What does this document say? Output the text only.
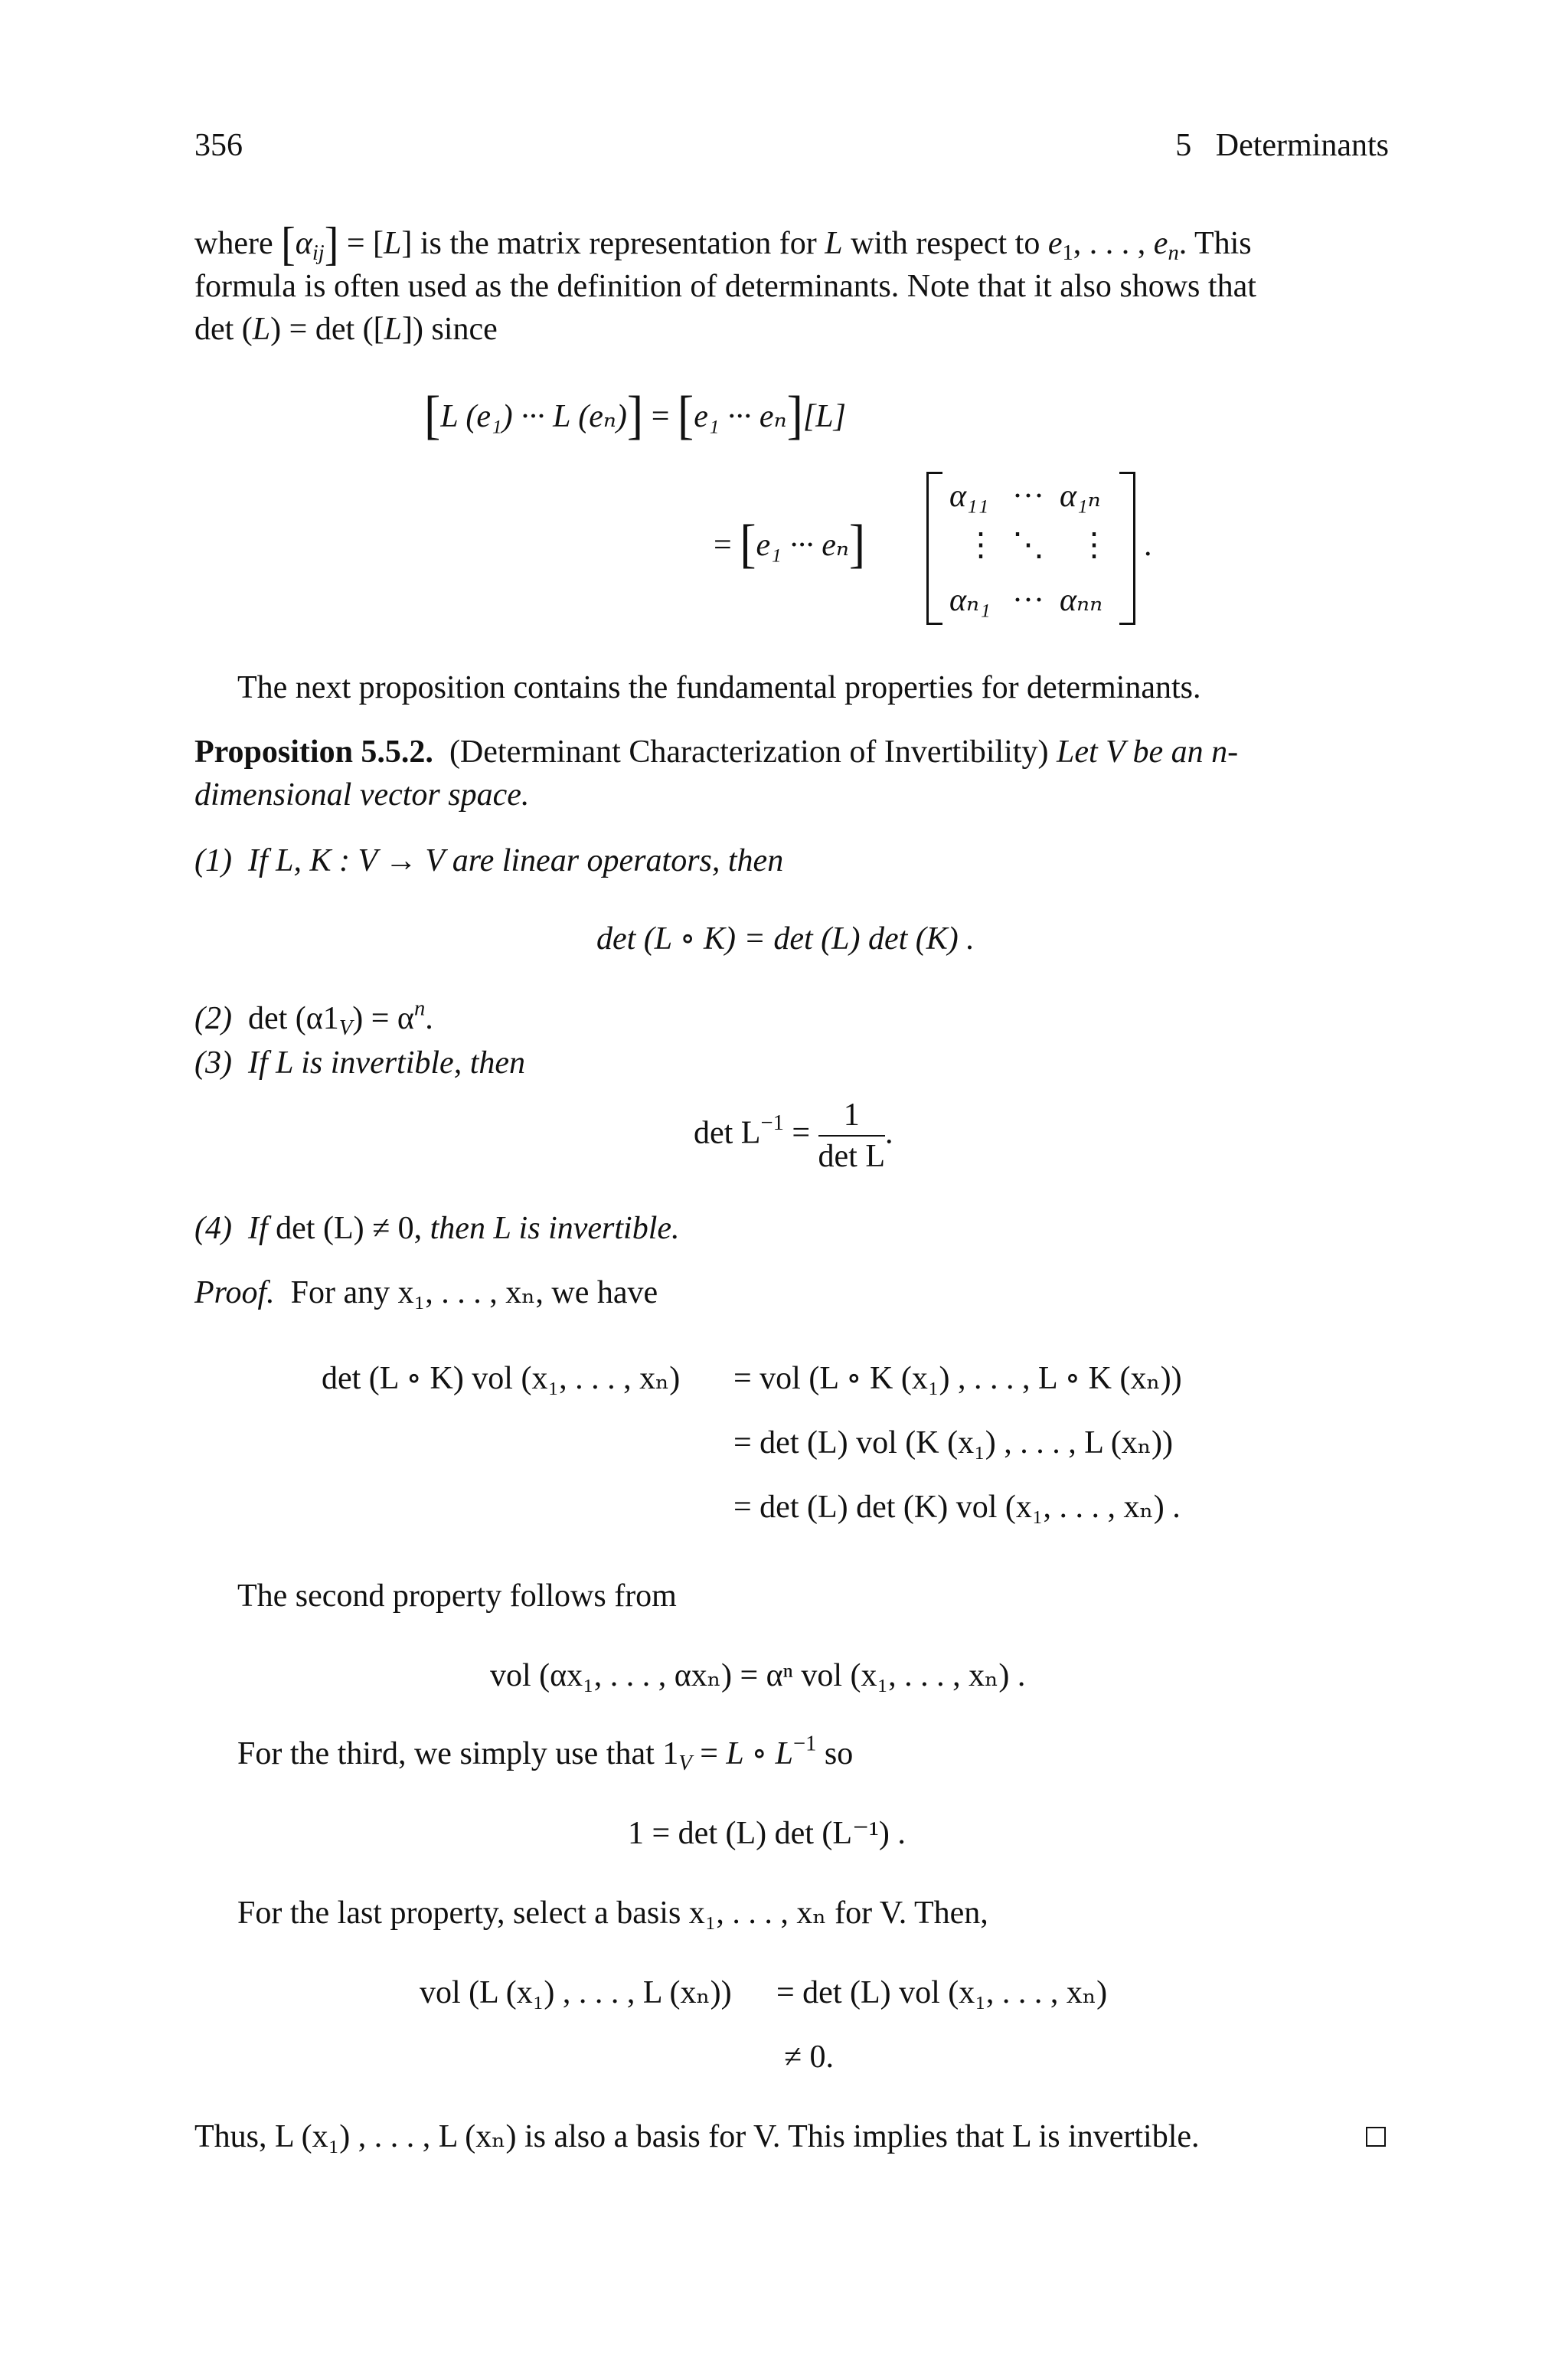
356	5 Determinants
where $[\alpha_{ij}] = [L]$ is the matrix representation for L with respect to $e_1$, . . . , $e_n$. This
formula is often used as the definition of determinants. Note that it also shows that
det (L) = det ([L]) since
[L (e₁) ··· L (eₙ)] = [e₁ ··· eₙ][L]
= [e₁ ··· eₙ]
α₁₁ ··· α₁ₙ
⋮ ⋱ ⋮
αₙ₁ ··· αₙₙ
.
The next proposition contains the fundamental properties for determinants.
Proposition 5.5.2. (Determinant Characterization of Invertibility) Let V be an n-
dimensional vector space.
(1) If L, K : V → V are linear operators, then
det (L ∘ K) = det (L) det (K) .
(2) $\det (\alpha 1_V) = \alpha^n$.
(3) If L is invertible, then
$\det L^{-1} = \frac{1}{\text{det L}}$ .
(4) If det (L) ≠ 0, then L is invertible.
Proof. For any x₁, . . . , xₙ, we have
det (L ∘ K) vol (x₁, . . . , xₙ) = vol (L ∘ K (x₁) , . . . , L ∘ K (xₙ))
= det (L) vol (K (x₁) , . . . , L (xₙ))
= det (L) det (K) vol (x₁, . . . , xₙ) .
The second property follows from
vol (αx₁, . . . , αxₙ) = αⁿ vol (x₁, . . . , xₙ) .
For the third, we simply use that $1_V = L$ ∘ $L^{-1}$ so
1 = det (L) det (L⁻¹) .
For the last property, select a basis x₁, . . . , xₙ for V. Then,
vol (L (x₁) , . . . , L (xₙ)) = det (L) vol (x₁, . . . , xₙ)
≠ 0.
Thus, L (x₁) , . . . , L (xₙ) is also a basis for V. This implies that L is invertible.
